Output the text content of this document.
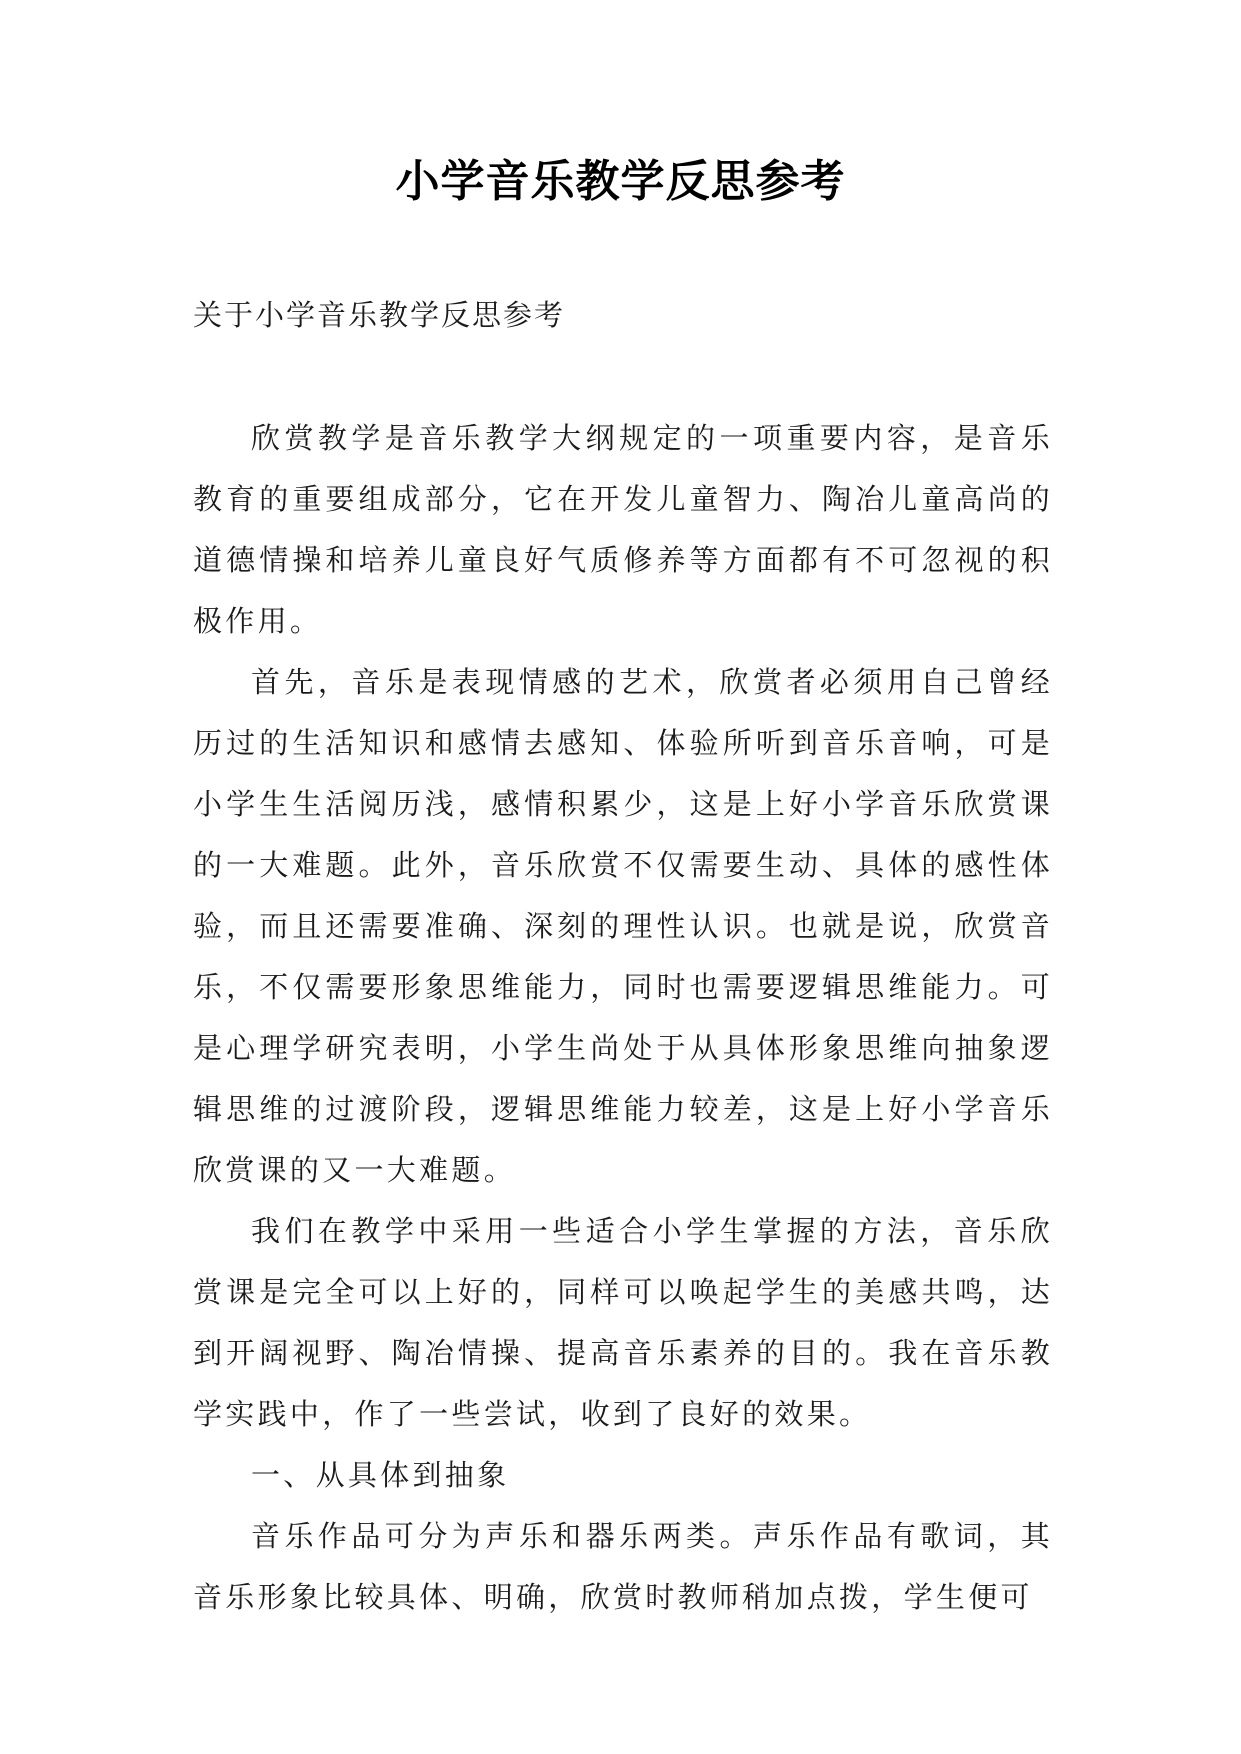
小学音乐教学反思参考
关于小学音乐教学反思参考

欣赏教学是音乐教学大纲规定的一项重要内容，是音乐教育的重要组成部分，它在开发儿童智力、陶冶儿童高尚的道德情操和培养儿童良好气质修养等方面都有不可忽视的积极作用。

首先，音乐是表现情感的艺术，欣赏者必须用自己曾经历过的生活知识和感情去感知、体验所听到音乐音响，可是小学生生活阅历浅，感情积累少，这是上好小学音乐欣赏课的一大难题。此外，音乐欣赏不仅需要生动、具体的感性体验，而且还需要准确、深刻的理性认识。也就是说，欣赏音乐，不仅需要形象思维能力，同时也需要逻辑思维能力。可是心理学研究表明，小学生尚处于从具体形象思维向抽象逻辑思维的过渡阶段，逻辑思维能力较差，这是上好小学音乐欣赏课的又一大难题。

我们在教学中采用一些适合小学生掌握的方法，音乐欣赏课是完全可以上好的，同样可以唤起学生的美感共鸣，达到开阔视野、陶冶情操、提高音乐素养的目的。我在音乐教学实践中，作了一些尝试，收到了良好的效果。

一、从具体到抽象

音乐作品可分为声乐和器乐两类。声乐作品有歌词，其音乐形象比较具体、明确，欣赏时教师稍加点拨，学生便可
